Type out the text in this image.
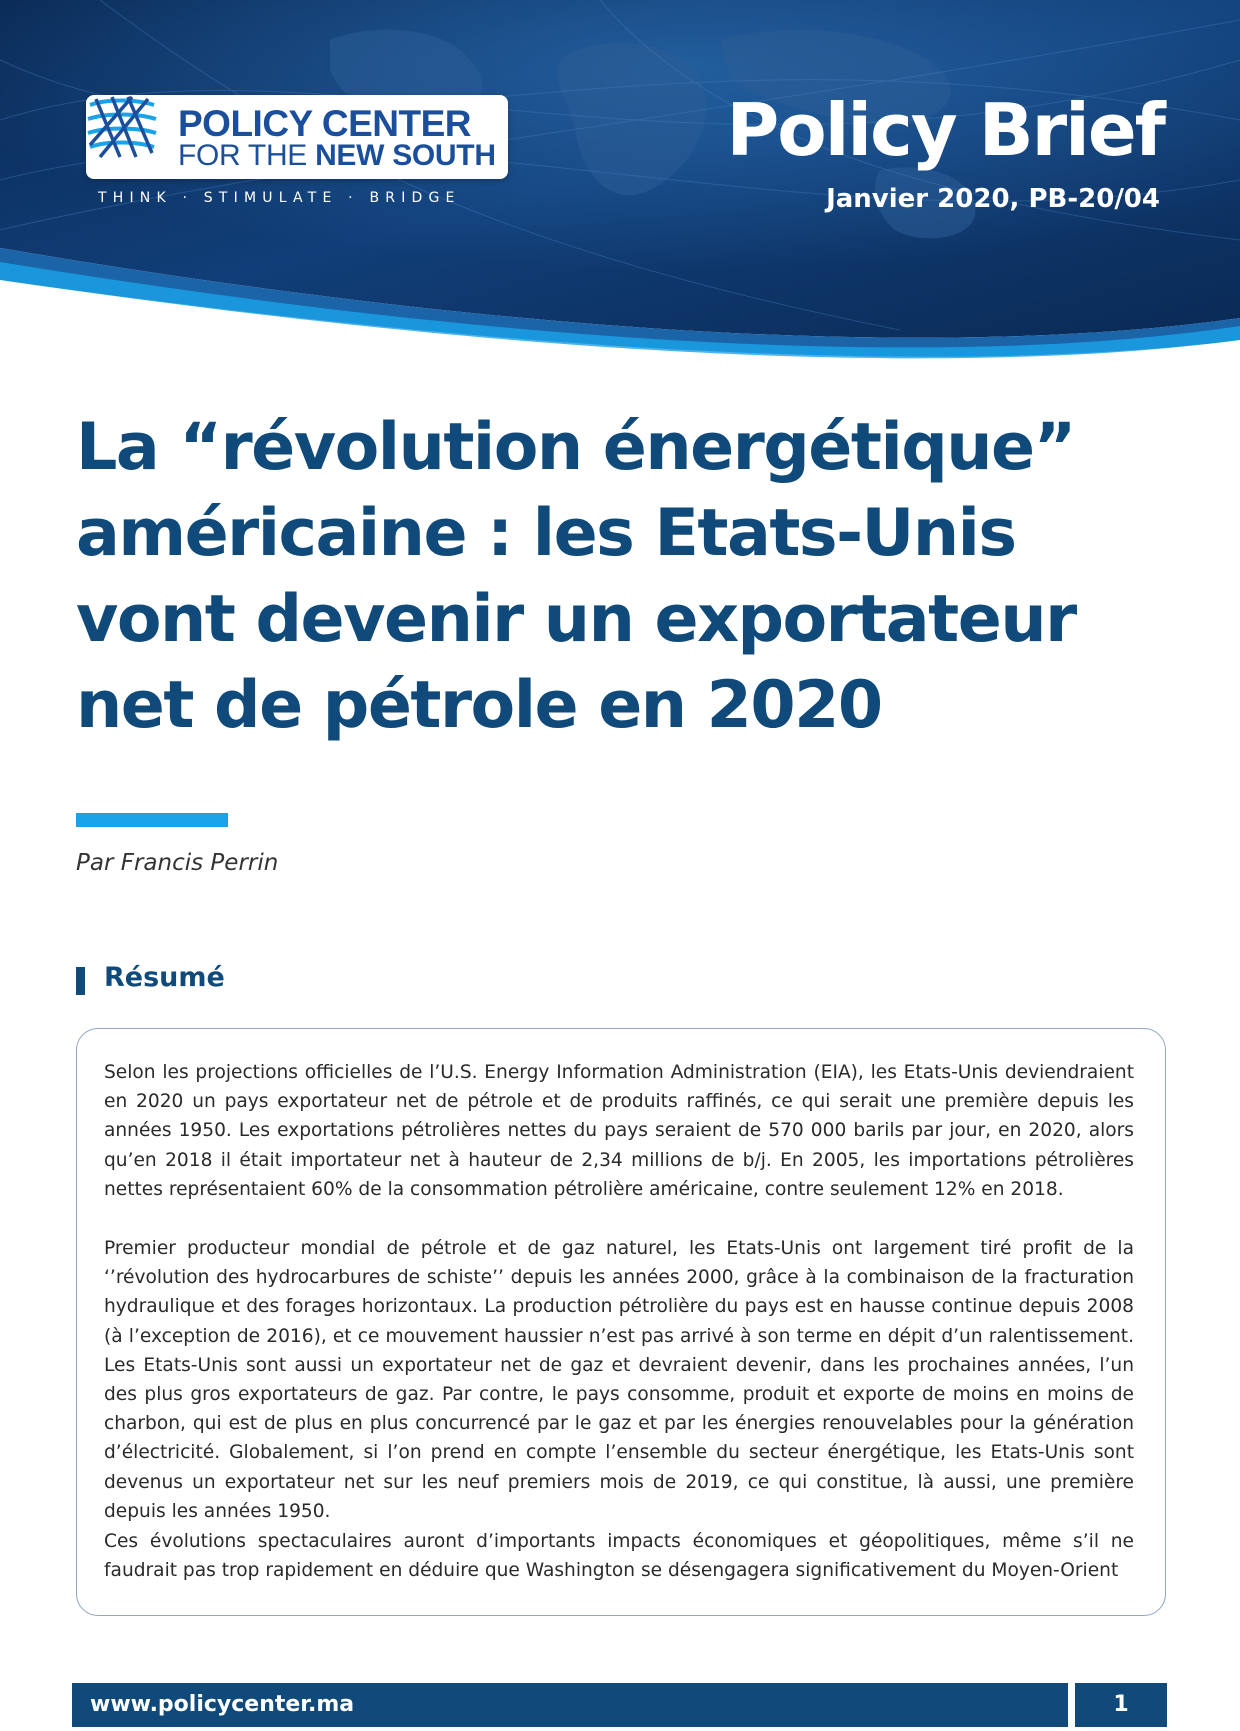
POLICY CENTER
FOR THE NEW SOUTH
THINK · STIMULATE · BRIDGE
Policy Brief
Janvier 2020, PB-20/04
La “révolution énergétique” américaine : les Etats-Unis vont devenir un exportateur net de pétrole en 2020
Par Francis Perrin
Résumé

Selon les projections officielles de l’U.S. Energy Information Administration (EIA), les Etats-Unis deviendraient en 2020 un pays exportateur net de pétrole et de produits raffinés, ce qui serait une première depuis les années 1950. Les exportations pétrolières nettes du pays seraient de 570 000 barils par jour, en 2020, alors qu’en 2018 il était importateur net à hauteur de 2,34 millions de b/j. En 2005, les importations pétrolières nettes représentaient 60% de la consommation pétrolière américaine, contre seulement 12% en 2018.

Premier producteur mondial de pétrole et de gaz naturel, les Etats-Unis ont largement tiré profit de la ‘’révolution des hydrocarbures de schiste’’ depuis les années 2000, grâce à la combinaison de la fracturation hydraulique et des forages horizontaux. La production pétrolière du pays est en hausse continue depuis 2008 (à l’exception de 2016), et ce mouvement haussier n’est pas arrivé à son terme en dépit d’un ralentissement. Les Etats-Unis sont aussi un exportateur net de gaz et devraient devenir, dans les prochaines années, l’un des plus gros exportateurs de gaz. Par contre, le pays consomme, produit et exporte de moins en moins de charbon, qui est de plus en plus concurrencé par le gaz et par les énergies renouvelables pour la génération d’électricité. Globalement, si l’on prend en compte l’ensemble du secteur énergétique, les Etats-Unis sont devenus un exportateur net sur les neuf premiers mois de 2019, ce qui constitue, là aussi, une première depuis les années 1950.

Ces évolutions spectaculaires auront d’importants impacts économiques et géopolitiques, même s’il ne faudrait pas trop rapidement en déduire que Washington se désengagera significativement du Moyen-Orient

www.policycenter.ma	1
